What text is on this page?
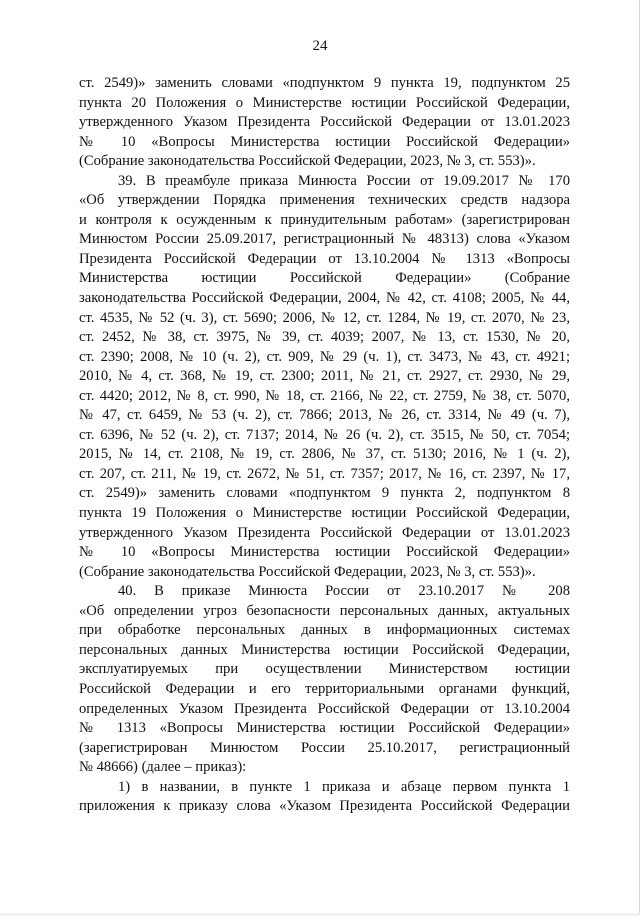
24
ст. 2549)» заменить словами «подпунктом 9 пункта 19, подпунктом 25
пункта 20 Положения о Министерстве юстиции Российской Федерации,
утвержденного Указом Президента Российской Федерации от 13.01.2023
№ 10 «Вопросы Министерства юстиции Российской Федерации»
(Собрание законодательства Российской Федерации, 2023, № 3, ст. 553)».
39. В преамбуле приказа Минюста России от 19.09.2017 № 170
«Об утверждении Порядка применения технических средств надзора
и контроля к осужденным к принудительным работам» (зарегистрирован
Минюстом России 25.09.2017, регистрационный № 48313) слова «Указом
Президента Российской Федерации от 13.10.2004 № 1313 «Вопросы
Министерства юстиции Российской Федерации» (Собрание
законодательства Российской Федерации, 2004, № 42, ст. 4108; 2005, № 44,
ст. 4535, № 52 (ч. 3), ст. 5690; 2006, № 12, ст. 1284, № 19, ст. 2070, № 23,
ст. 2452, № 38, ст. 3975, № 39, ст. 4039; 2007, № 13, ст. 1530, № 20,
ст. 2390; 2008, № 10 (ч. 2), ст. 909, № 29 (ч. 1), ст. 3473, № 43, ст. 4921;
2010, № 4, ст. 368, № 19, ст. 2300; 2011, № 21, ст. 2927, ст. 2930, № 29,
ст. 4420; 2012, № 8, ст. 990, № 18, ст. 2166, № 22, ст. 2759, № 38, ст. 5070,
№ 47, ст. 6459, № 53 (ч. 2), ст. 7866; 2013, № 26, ст. 3314, № 49 (ч. 7),
ст. 6396, № 52 (ч. 2), ст. 7137; 2014, № 26 (ч. 2), ст. 3515, № 50, ст. 7054;
2015, № 14, ст. 2108, № 19, ст. 2806, № 37, ст. 5130; 2016, № 1 (ч. 2),
ст. 207, ст. 211, № 19, ст. 2672, № 51, ст. 7357; 2017, № 16, ст. 2397, № 17,
ст. 2549)» заменить словами «подпунктом 9 пункта 2, подпунктом 8
пункта 19 Положения о Министерстве юстиции Российской Федерации,
утвержденного Указом Президента Российской Федерации от 13.01.2023
№ 10 «Вопросы Министерства юстиции Российской Федерации»
(Собрание законодательства Российской Федерации, 2023, № 3, ст. 553)».
40. В приказе Минюста России от 23.10.2017 № 208
«Об определении угроз безопасности персональных данных, актуальных
при обработке персональных данных в информационных системах
персональных данных Министерства юстиции Российской Федерации,
эксплуатируемых при осуществлении Министерством юстиции
Российской Федерации и его территориальными органами функций,
определенных Указом Президента Российской Федерации от 13.10.2004
№ 1313 «Вопросы Министерства юстиции Российской Федерации»
(зарегистрирован Минюстом России 25.10.2017, регистрационный
№ 48666) (далее – приказ):
1) в названии, в пункте 1 приказа и абзаце первом пункта 1
приложения к приказу слова «Указом Президента Российской Федерации
